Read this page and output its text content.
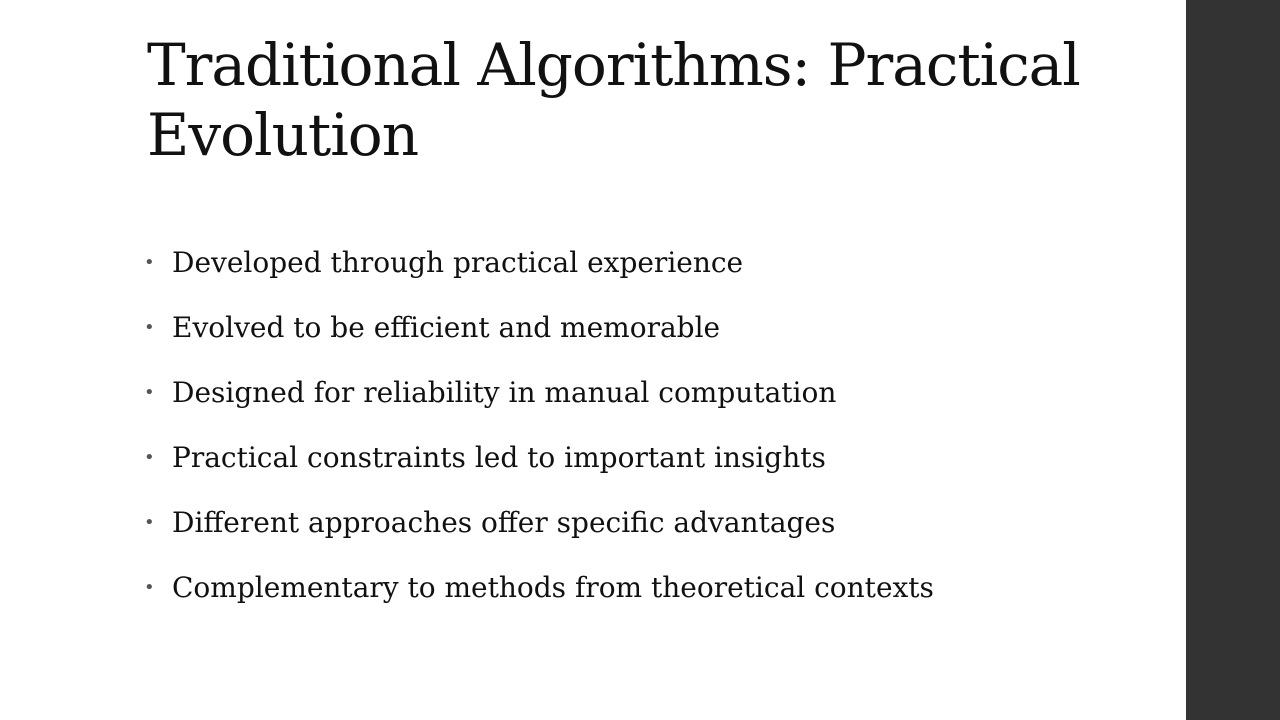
Traditional Algorithms: Practical Evolution
• Developed through practical experience
• Evolved to be efficient and memorable
• Designed for reliability in manual computation
• Practical constraints led to important insights
• Different approaches offer specific advantages
• Complementary to methods from theoretical contexts
